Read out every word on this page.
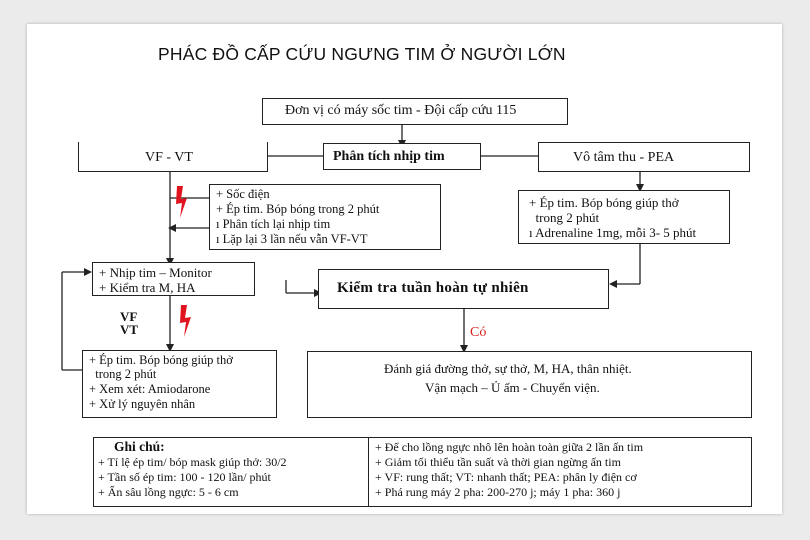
PHÁC ĐỒ CẤP CỨU NGƯNG TIM Ở NGƯỜI LỚN
Đơn vị có máy sốc tim - Đội cấp cứu 115
VF - VT	Phân tích nhịp tim	Vô tâm thu - PEA
+ Sốc điện
+ Ép tim. Bóp bóng trong 2 phút
ı Phân tích lại nhịp tim
ı Lặp lại 3 lần nếu vẫn VF-VT
+ Ép tim. Bóp bóng giúp thở
trong 2 phút
ı Adrenaline 1mg, mỗi 3- 5 phút
+ Nhịp tim – Monitor
+ Kiểm tra M, HA	Kiểm tra tuần hoàn tự nhiên
VF
VT	Có
+ Ép tim. Bóp bóng giúp thở
trong 2 phút
+ Xem xét: Amiodarone
+ Xử lý nguyên nhân
Đánh giá đường thở, sự thở, M, HA, thân nhiệt.
Vận mạch – Ủ ấm - Chuyển viện.
Ghi chú:
+ Tỉ lệ ép tim/ bóp mask giúp thở: 30/2
+ Tần số ép tim: 100 - 120 lần/ phút
+ Ấn sâu lồng ngực: 5 - 6 cm
+ Để cho lồng ngực nhô lên hoàn toàn giữa 2 lần ấn tim
+ Giảm tối thiểu tần suất và thời gian ngừng ấn tim
+ VF: rung thất; VT: nhanh thất; PEA: phân ly điện cơ
+ Phá rung máy 2 pha: 200-270 j; máy 1 pha: 360 j
